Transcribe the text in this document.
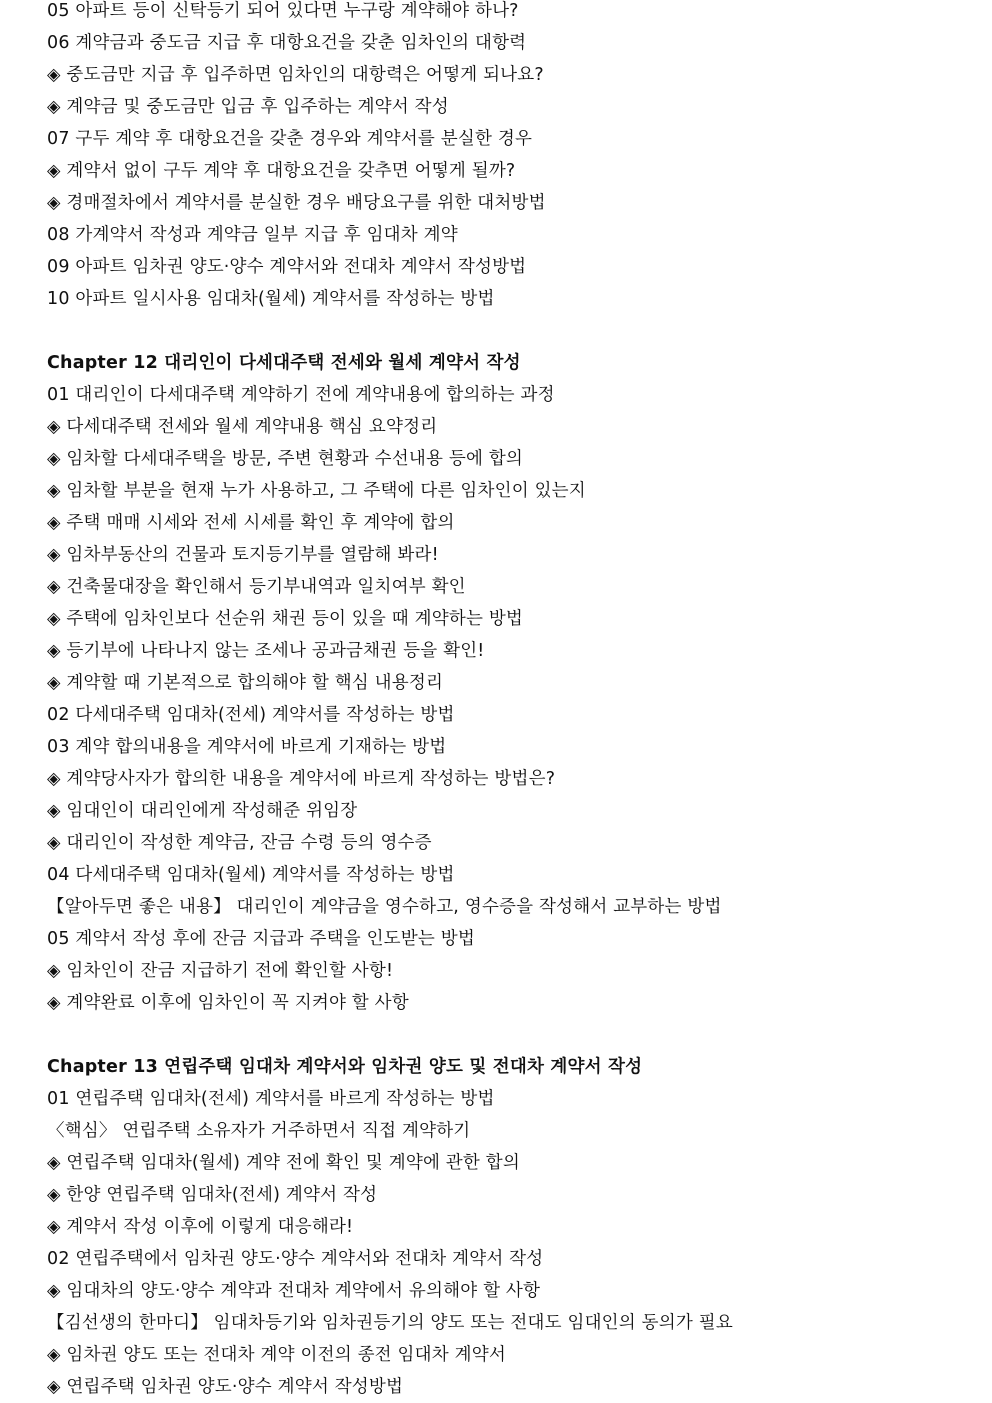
05 아파트 등이 신탁등기 되어 있다면 누구랑 계약해야 하나?
06 계약금과 중도금 지급 후 대항요건을 갖춘 임차인의 대항력
◈ 중도금만 지급 후 입주하면 임차인의 대항력은 어떻게 되나요?
◈ 계약금 및 중도금만 입금 후 입주하는 계약서 작성
07 구두 계약 후 대항요건을 갖춘 경우와 계약서를 분실한 경우
◈ 계약서 없이 구두 계약 후 대항요건을 갖추면 어떻게 될까?
◈ 경매절차에서 계약서를 분실한 경우 배당요구를 위한 대처방법
08 가계약서 작성과 계약금 일부 지급 후 임대차 계약
09 아파트 임차권 양도·양수 계약서와 전대차 계약서 작성방법
10 아파트 일시사용 임대차(월세) 계약서를 작성하는 방법
Chapter 12 대리인이 다세대주택 전세와 월세 계약서 작성
01 대리인이 다세대주택 계약하기 전에 계약내용에 합의하는 과정
◈ 다세대주택 전세와 월세 계약내용 핵심 요약정리
◈ 임차할 다세대주택을 방문, 주변 현황과 수선내용 등에 합의
◈ 임차할 부분을 현재 누가 사용하고, 그 주택에 다른 임차인이 있는지
◈ 주택 매매 시세와 전세 시세를 확인 후 계약에 합의
◈ 임차부동산의 건물과 토지등기부를 열람해 봐라!
◈ 건축물대장을 확인해서 등기부내역과 일치여부 확인
◈ 주택에 임차인보다 선순위 채권 등이 있을 때 계약하는 방법
◈ 등기부에 나타나지 않는 조세나 공과금채권 등을 확인!
◈ 계약할 때 기본적으로 합의해야 할 핵심 내용정리
02 다세대주택 임대차(전세) 계약서를 작성하는 방법
03 계약 합의내용을 계약서에 바르게 기재하는 방법
◈ 계약당사자가 합의한 내용을 계약서에 바르게 작성하는 방법은?
◈ 임대인이 대리인에게 작성해준 위임장
◈ 대리인이 작성한 계약금, 잔금 수령 등의 영수증
04 다세대주택 임대차(월세) 계약서를 작성하는 방법
【알아두면 좋은 내용】 대리인이 계약금을 영수하고, 영수증을 작성해서 교부하는 방법
05 계약서 작성 후에 잔금 지급과 주택을 인도받는 방법
◈ 임차인이 잔금 지급하기 전에 확인할 사항!
◈ 계약완료 이후에 임차인이 꼭 지켜야 할 사항
Chapter 13 연립주택 임대차 계약서와 임차권 양도 및 전대차 계약서 작성
01 연립주택 임대차(전세) 계약서를 바르게 작성하는 방법
〈핵심〉 연립주택 소유자가 거주하면서 직접 계약하기
◈ 연립주택 임대차(월세) 계약 전에 확인 및 계약에 관한 합의
◈ 한양 연립주택 임대차(전세) 계약서 작성
◈ 계약서 작성 이후에 이렇게 대응해라!
02 연립주택에서 임차권 양도·양수 계약서와 전대차 계약서 작성
◈ 임대차의 양도·양수 계약과 전대차 계약에서 유의해야 할 사항
【김선생의 한마디】 임대차등기와 임차권등기의 양도 또는 전대도 임대인의 동의가 필요
◈ 임차권 양도 또는 전대차 계약 이전의 종전 임대차 계약서
◈ 연립주택 임차권 양도·양수 계약서 작성방법
